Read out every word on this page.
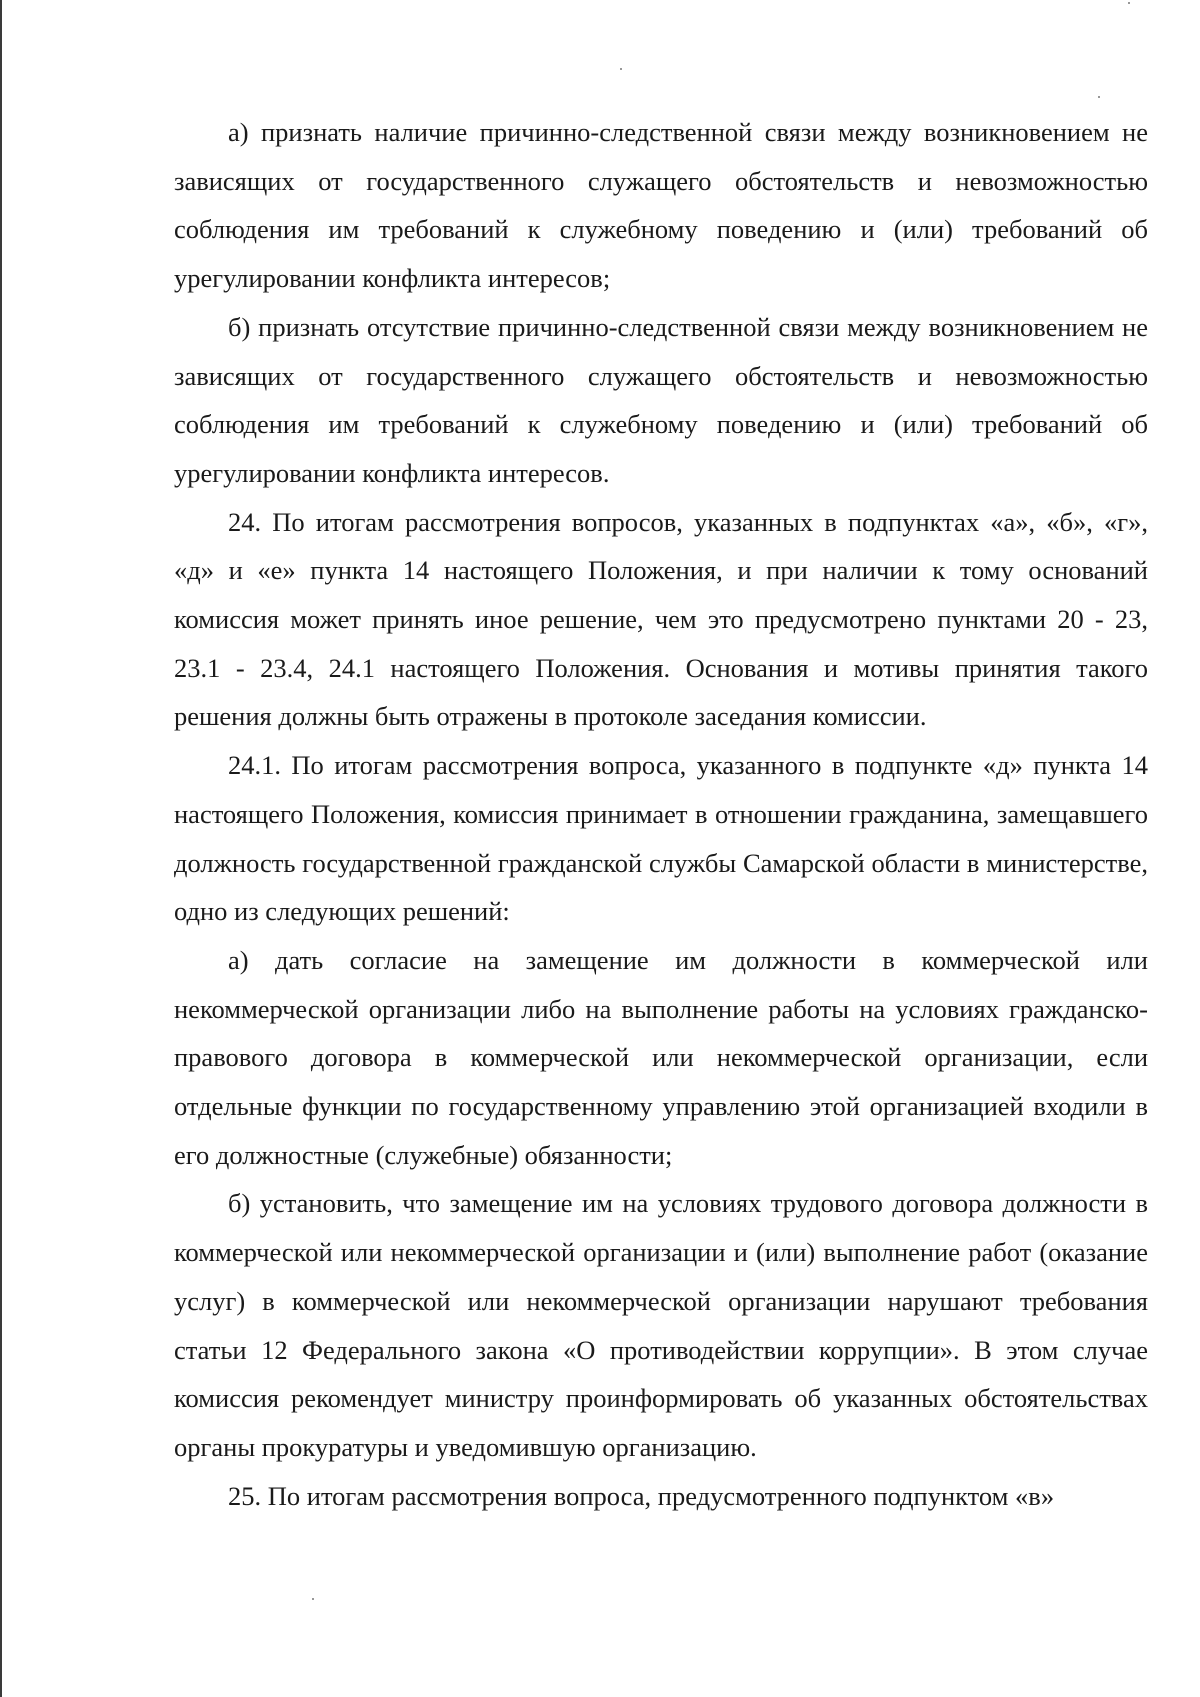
а) признать наличие причинно-следственной связи между возникновением не зависящих от государственного служащего обстоятельств и невозможностью соблюдения им требований к служебному поведению и (или) требований об урегулировании конфликта интересов;

б) признать отсутствие причинно-следственной связи между возникновением не зависящих от государственного служащего обстоятельств и невозможностью соблюдения им требований к служебному поведению и (или) требований об урегулировании конфликта интересов.

24. По итогам рассмотрения вопросов, указанных в подпунктах «а», «б», «г», «д» и «е» пункта 14 настоящего Положения, и при наличии к тому оснований комиссия может принять иное решение, чем это предусмотрено пунктами 20 - 23, 23.1 - 23.4, 24.1 настоящего Положения. Основания и мотивы принятия такого решения должны быть отражены в протоколе заседания комиссии.

24.1. По итогам рассмотрения вопроса, указанного в подпункте «д» пункта 14 настоящего Положения, комиссия принимает в отношении гражданина, замещавшего должность государственной гражданской службы Самарской области в министерстве, одно из следующих решений:

а) дать согласие на замещение им должности в коммерческой или некоммерческой организации либо на выполнение работы на условиях гражданско-правового договора в коммерческой или некоммерческой организации, если отдельные функции по государственному управлению этой организацией входили в его должностные (служебные) обязанности;

б) установить, что замещение им на условиях трудового договора должности в коммерческой или некоммерческой организации и (или) выполнение работ (оказание услуг) в коммерческой или некоммерческой организации нарушают требования статьи 12 Федерального закона «О противодействии коррупции». В этом случае комиссия рекомендует министру проинформировать об указанных обстоятельствах органы прокуратуры и уведомившую организацию.

25. По итогам рассмотрения вопроса, предусмотренного подпунктом «в»
